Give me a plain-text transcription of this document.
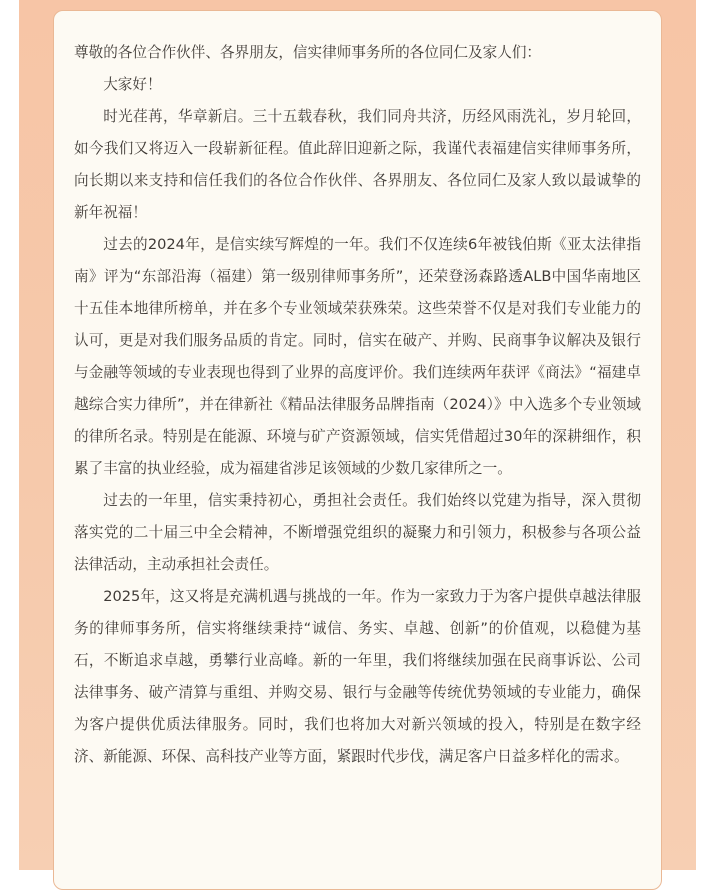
尊敬的各位合作伙伴、各界朋友，信实律师事务所的各位同仁及家人们：

大家好！

时光荏苒，华章新启。三十五载春秋，我们同舟共济，历经风雨洗礼，岁月轮回，如今我们又将迈入一段崭新征程。值此辞旧迎新之际，我谨代表福建信实律师事务所，向长期以来支持和信任我们的各位合作伙伴、各界朋友、各位同仁及家人致以最诚挚的新年祝福！

过去的2024年，是信实续写辉煌的一年。我们不仅连续6年被钱伯斯《亚太法律指南》评为“东部沿海（福建）第一级别律师事务所”，还荣登汤森路透ALB中国华南地区十五佳本地律所榜单，并在多个专业领域荣获殊荣。这些荣誉不仅是对我们专业能力的认可，更是对我们服务品质的肯定。同时，信实在破产、并购、民商事争议解决及银行与金融等领域的专业表现也得到了业界的高度评价。我们连续两年获评《商法》“福建卓越综合实力律所”，并在律新社《精品法律服务品牌指南（2024）》中入选多个专业领域的律所名录。特别是在能源、环境与矿产资源领域，信实凭借超过30年的深耕细作，积累了丰富的执业经验，成为福建省涉足该领域的少数几家律所之一。

过去的一年里，信实秉持初心，勇担社会责任。我们始终以党建为指导，深入贯彻落实党的二十届三中全会精神，不断增强党组织的凝聚力和引领力，积极参与各项公益法律活动，主动承担社会责任。

2025年，这又将是充满机遇与挑战的一年。作为一家致力于为客户提供卓越法律服务的律师事务所，信实将继续秉持“诚信、务实、卓越、创新”的价值观，以稳健为基石，不断追求卓越，勇攀行业高峰。新的一年里，我们将继续加强在民商事诉讼、公司法律事务、破产清算与重组、并购交易、银行与金融等传统优势领域的专业能力，确保为客户提供优质法律服务。同时，我们也将加大对新兴领域的投入，特别是在数字经济、新能源、环保、高科技产业等方面，紧跟时代步伐，满足客户日益多样化的需求。
